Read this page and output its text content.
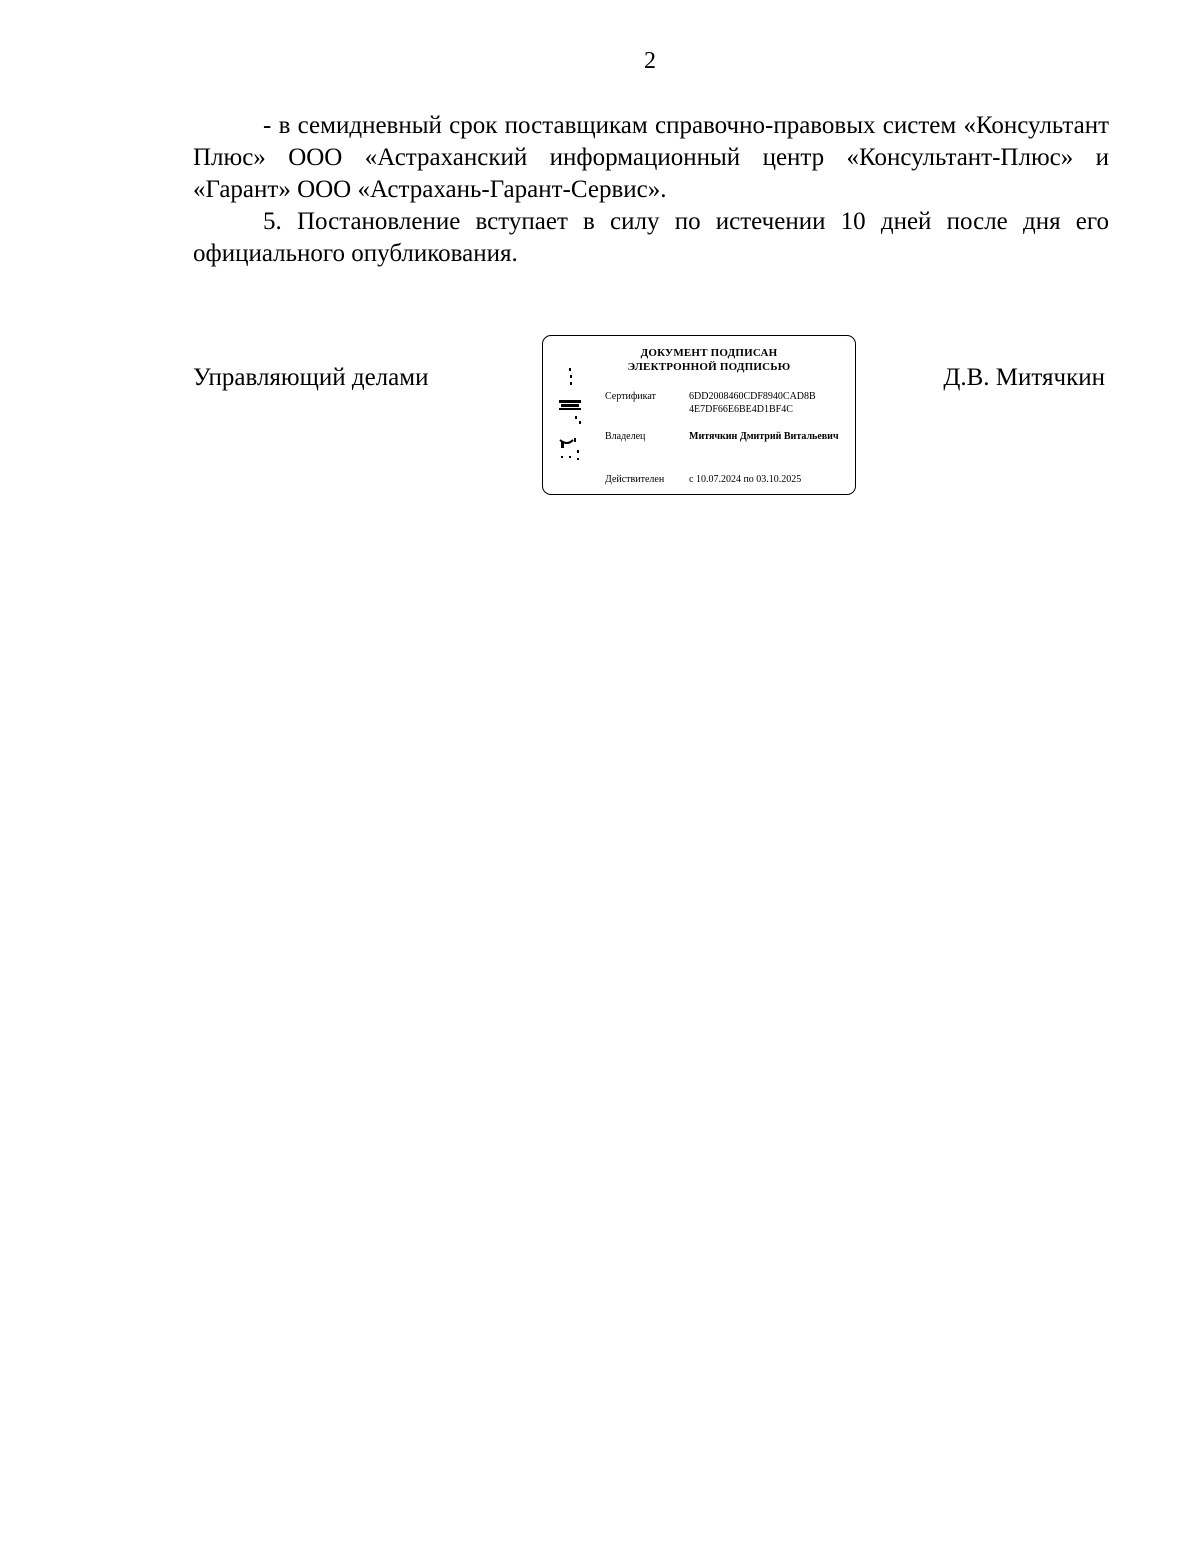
2

- в семидневный срок поставщикам справочно-правовых систем «Консультант Плюс» ООО «Астраханский информационный центр «Консультант-Плюс» и «Гарант» ООО «Астрахань-Гарант-Сервис».

5. Постановление вступает в силу по истечении 10 дней после дня его официального опубликования.

Управляющий делами
ДОКУМЕНТ ПОДПИСАН
ЭЛЕКТРОННОЙ ПОДПИСЬЮ
Сертификат	6DD2008460CDF8940CAD8B 4E7DF66E6BE4D1BF4C
Владелец	Митячкин Дмитрий Витальевич
Действителен	с 10.07.2024 по 03.10.2025
Д.В. Митячкин
